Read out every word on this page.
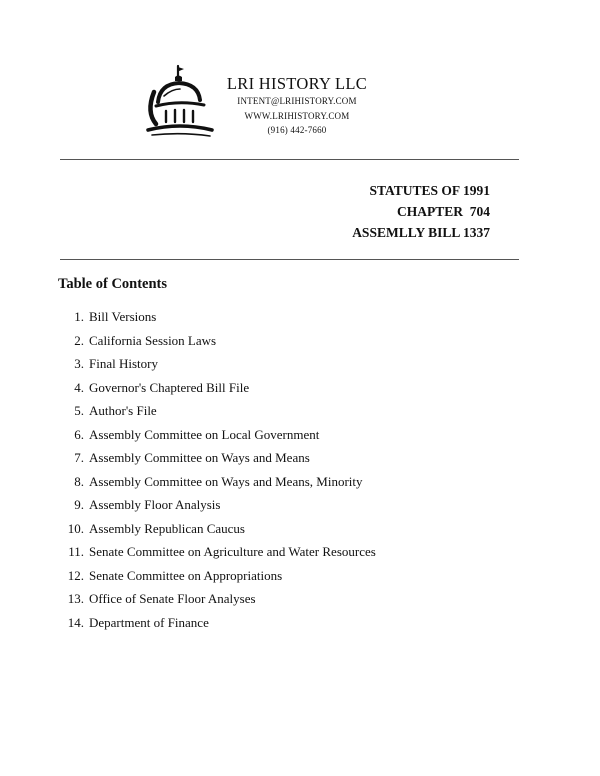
LRI HISTORY LLC
INTENT@LRIHISTORY.COM
WWW.LRIHISTORY.COM
(916) 442-7660
STATUTES OF 1991
CHAPTER  704
ASSEMLLY BILL 1337
Table of Contents
1. Bill Versions
2. California Session Laws
3. Final History
4. Governor's Chaptered Bill File
5. Author's File
6. Assembly Committee on Local Government
7. Assembly Committee on Ways and Means
8. Assembly Committee on Ways and Means, Minority
9. Assembly Floor Analysis
10. Assembly Republican Caucus
11. Senate Committee on Agriculture and Water Resources
12. Senate Committee on Appropriations
13. Office of Senate Floor Analyses
14. Department of Finance
